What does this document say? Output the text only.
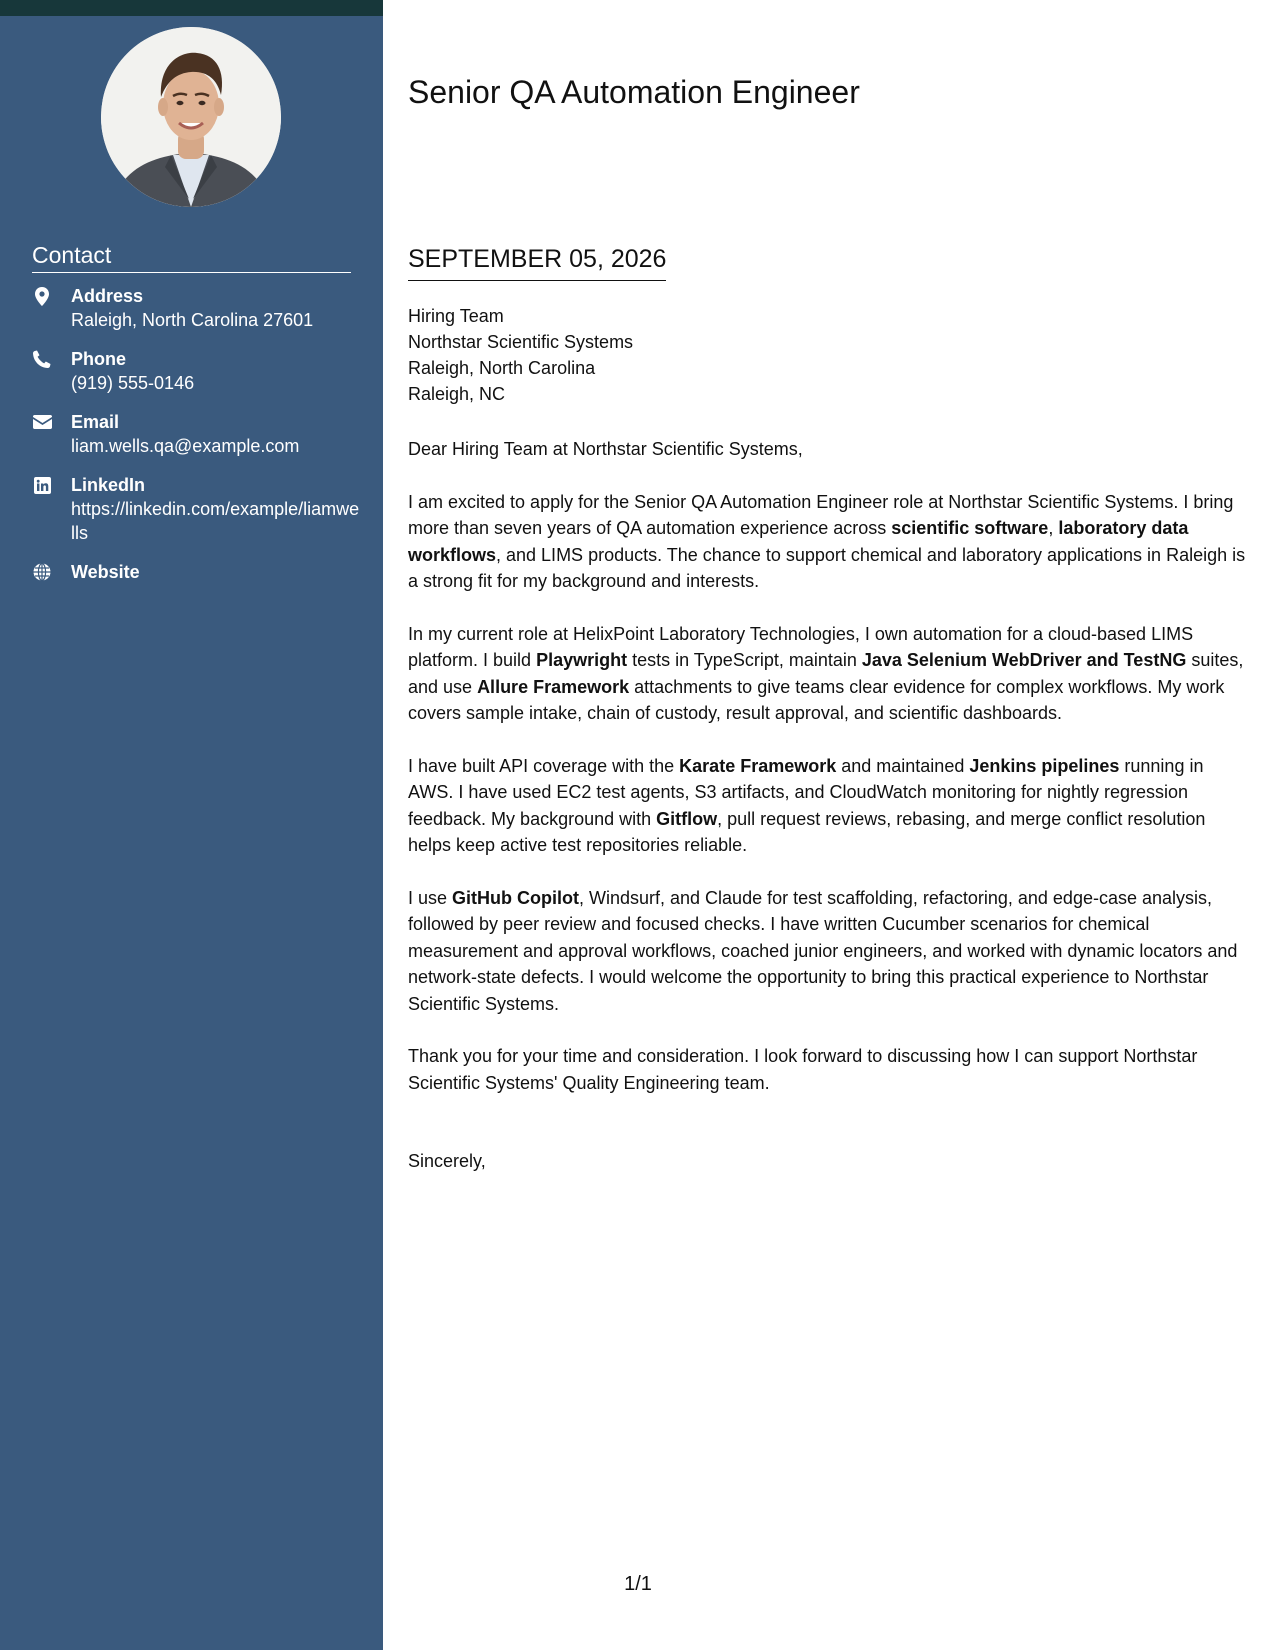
Contact
Address
Raleigh, North Carolina 27601
Phone
(919) 555-0146
Email
liam.wells.qa@example.com
LinkedIn
https://linkedin.com/example/liamwells
Website
Senior QA Automation Engineer
SEPTEMBER 05, 2026
Hiring Team
Northstar Scientific Systems
Raleigh, North Carolina
Raleigh, NC

Dear Hiring Team at Northstar Scientific Systems,

I am excited to apply for the Senior QA Automation Engineer role at Northstar Scientific Systems. I bring more than seven years of QA automation experience across scientific software, laboratory data workflows, and LIMS products. The chance to support chemical and laboratory applications in Raleigh is a strong fit for my background and interests.

In my current role at HelixPoint Laboratory Technologies, I own automation for a cloud-based LIMS platform. I build Playwright tests in TypeScript, maintain Java Selenium WebDriver and TestNG suites, and use Allure Framework attachments to give teams clear evidence for complex workflows. My work covers sample intake, chain of custody, result approval, and scientific dashboards.

I have built API coverage with the Karate Framework and maintained Jenkins pipelines running in AWS. I have used EC2 test agents, S3 artifacts, and CloudWatch monitoring for nightly regression feedback. My background with Gitflow, pull request reviews, rebasing, and merge conflict resolution helps keep active test repositories reliable.

I use GitHub Copilot, Windsurf, and Claude for test scaffolding, refactoring, and edge-case analysis, followed by peer review and focused checks. I have written Cucumber scenarios for chemical measurement and approval workflows, coached junior engineers, and worked with dynamic locators and network-state defects. I would welcome the opportunity to bring this practical experience to Northstar Scientific Systems.

Thank you for your time and consideration. I look forward to discussing how I can support Northstar Scientific Systems' Quality Engineering team.

Sincerely,

1/1
